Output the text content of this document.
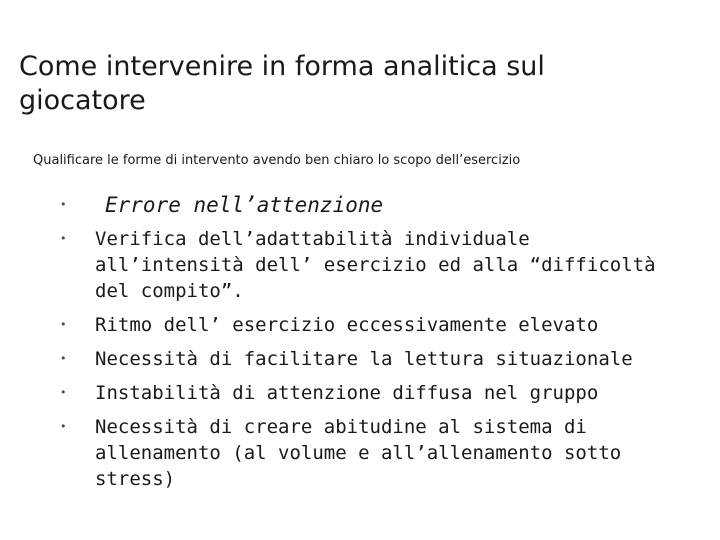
Come intervenire in forma analitica sul giocatore

Qualificare le forme di intervento avendo ben chiaro lo scopo dell’esercizio

• Errore nell’attenzione
• Verifica dell’adattabilità individuale all’intensità dell’ esercizio ed alla “difficoltà del compito”.
• Ritmo dell’ esercizio eccessivamente elevato
• Necessità di facilitare la lettura situazionale
• Instabilità di attenzione diffusa nel gruppo
• Necessità di creare abitudine al sistema di allenamento (al volume e all’allenamento sotto stress)
